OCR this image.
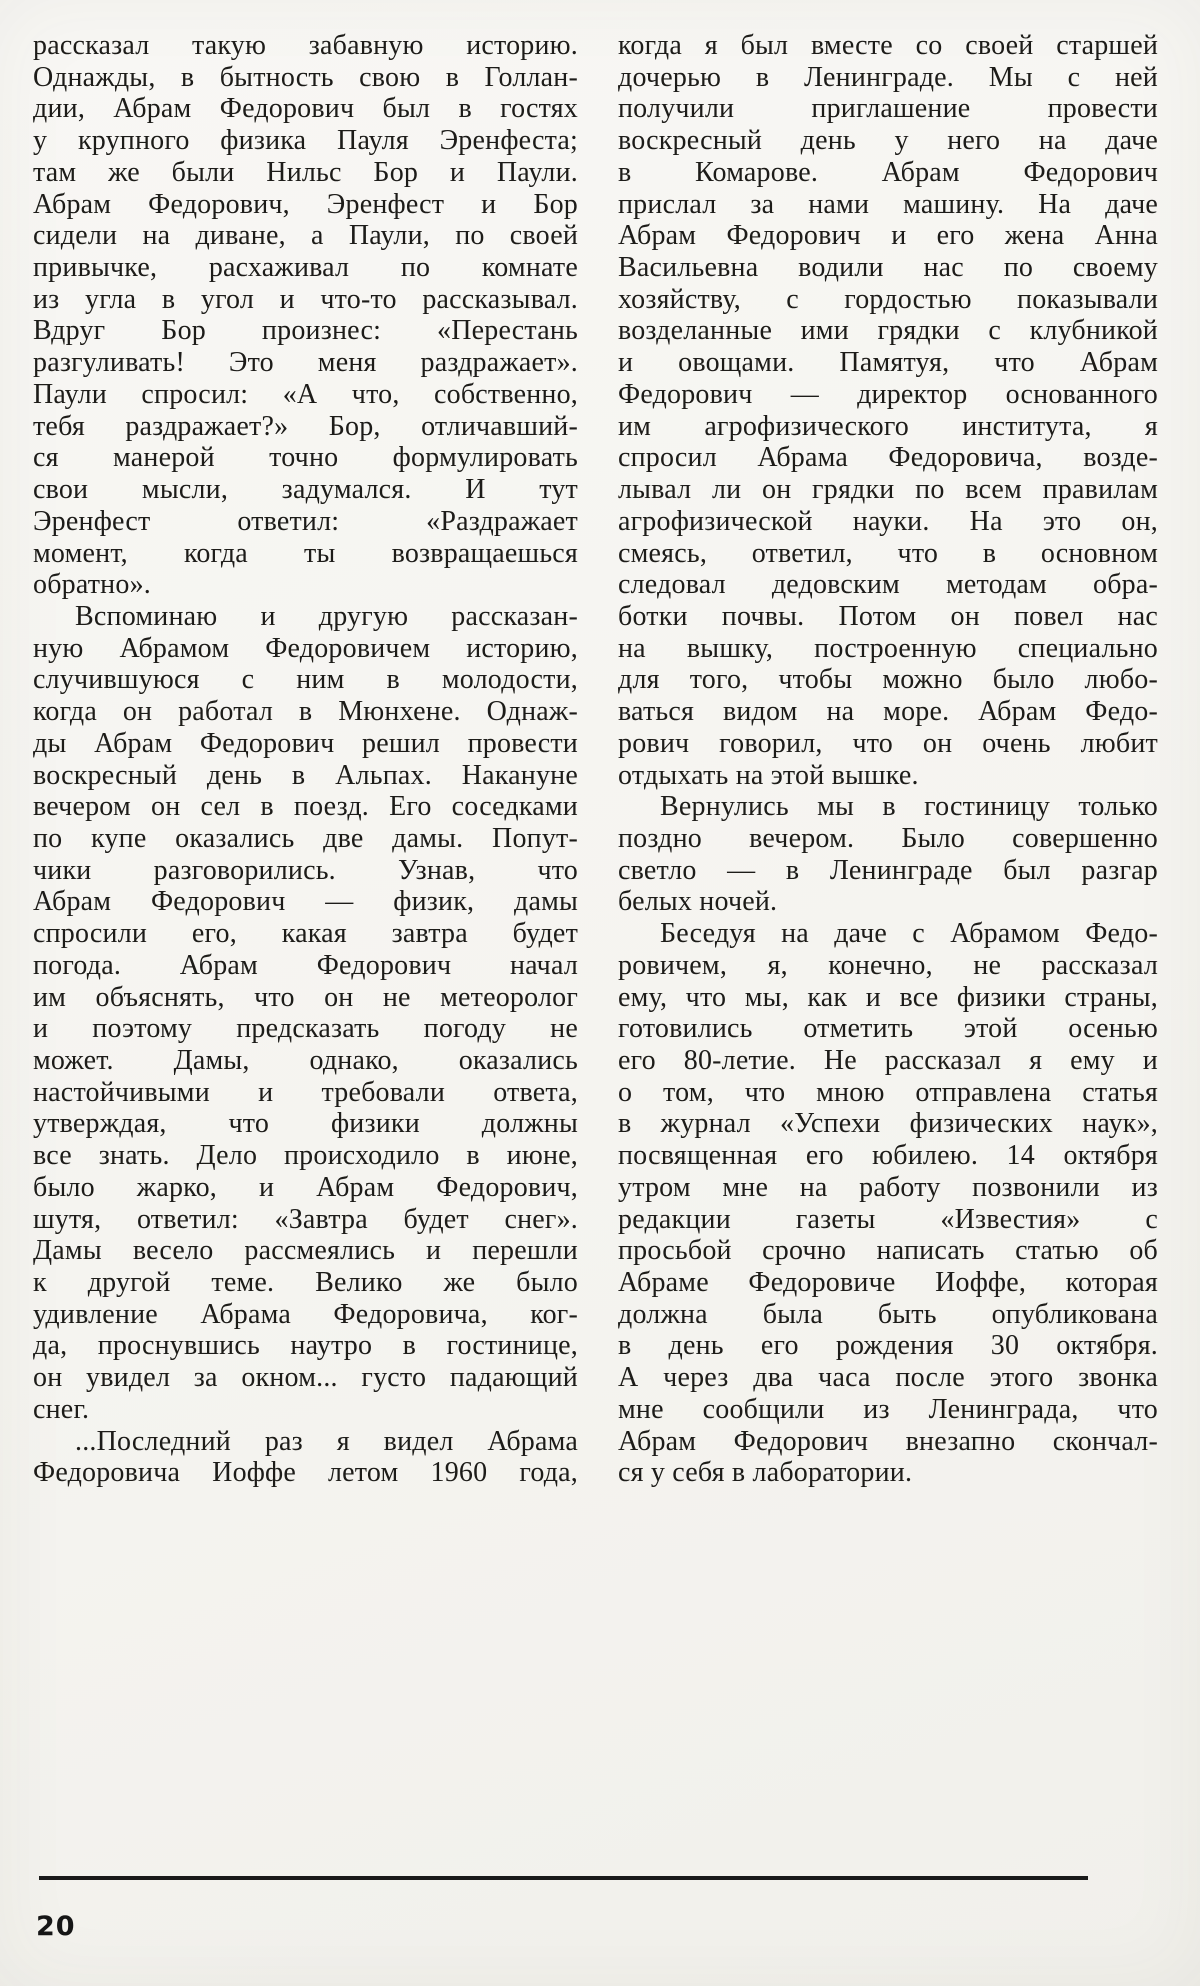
рассказал такую забавную историю.
Однажды, в бытность свою в Голлан-
дии, Абрам Федорович был в гостях
у крупного физика Пауля Эренфеста;
там же были Нильс Бор и Паули.
Абрам Федорович, Эренфест и Бор
сидели на диване, а Паули, по своей
привычке, расхаживал по комнате
из угла в угол и что-то рассказывал.
Вдруг Бор произнес: «Перестань
разгуливать! Это меня раздражает».
Паули спросил: «А что, собственно,
тебя раздражает?» Бор, отличавший-
ся манерой точно формулировать
свои мысли, задумался. И тут
Эренфест ответил: «Раздражает
момент, когда ты возвращаешься
обратно».
Вспоминаю и другую рассказан-
ную Абрамом Федоровичем историю,
случившуюся с ним в молодости,
когда он работал в Мюнхене. Однаж-
ды Абрам Федорович решил провести
воскресный день в Альпах. Накануне
вечером он сел в поезд. Его соседками
по купе оказались две дамы. Попут-
чики разговорились. Узнав, что
Абрам Федорович — физик, дамы
спросили его, какая завтра будет
погода. Абрам Федорович начал
им объяснять, что он не метеоролог
и поэтому предсказать погоду не
может. Дамы, однако, оказались
настойчивыми и требовали ответа,
утверждая, что физики должны
все знать. Дело происходило в июне,
было жарко, и Абрам Федорович,
шутя, ответил: «Завтра будет снег».
Дамы весело рассмеялись и перешли
к другой теме. Велико же было
удивление Абрама Федоровича, ког-
да, проснувшись наутро в гостинице,
он увидел за окном... густо падающий
снег.
...Последний раз я видел Абрама
Федоровича Иоффе летом 1960 года,
когда я был вместе со своей старшей
дочерью в Ленинграде. Мы с ней
получили приглашение провести
воскресный день у него на даче
в Комарове. Абрам Федорович
прислал за нами машину. На даче
Абрам Федорович и его жена Анна
Васильевна водили нас по своему
хозяйству, с гордостью показывали
возделанные ими грядки с клубникой
и овощами. Памятуя, что Абрам
Федорович — директор основанного
им агрофизического института, я
спросил Абрама Федоровича, возде-
лывал ли он грядки по всем правилам
агрофизической науки. На это он,
смеясь, ответил, что в основном
следовал дедовским методам обра-
ботки почвы. Потом он повел нас
на вышку, построенную специально
для того, чтобы можно было любо-
ваться видом на море. Абрам Федо-
рович говорил, что он очень любит
отдыхать на этой вышке.
Вернулись мы в гостиницу только
поздно вечером. Было совершенно
светло — в Ленинграде был разгар
белых ночей.
Беседуя на даче с Абрамом Федо-
ровичем, я, конечно, не рассказал
ему, что мы, как и все физики страны,
готовились отметить этой осенью
его 80-летие. Не рассказал я ему и
о том, что мною отправлена статья
в журнал «Успехи физических наук»,
посвященная его юбилею. 14 октября
утром мне на работу позвонили из
редакции газеты «Известия» с
просьбой срочно написать статью об
Абраме Федоровиче Иоффе, которая
должна была быть опубликована
в день его рождения 30 октября.
А через два часа после этого звонка
мне сообщили из Ленинграда, что
Абрам Федорович внезапно скончал-
ся у себя в лаборатории.
20
